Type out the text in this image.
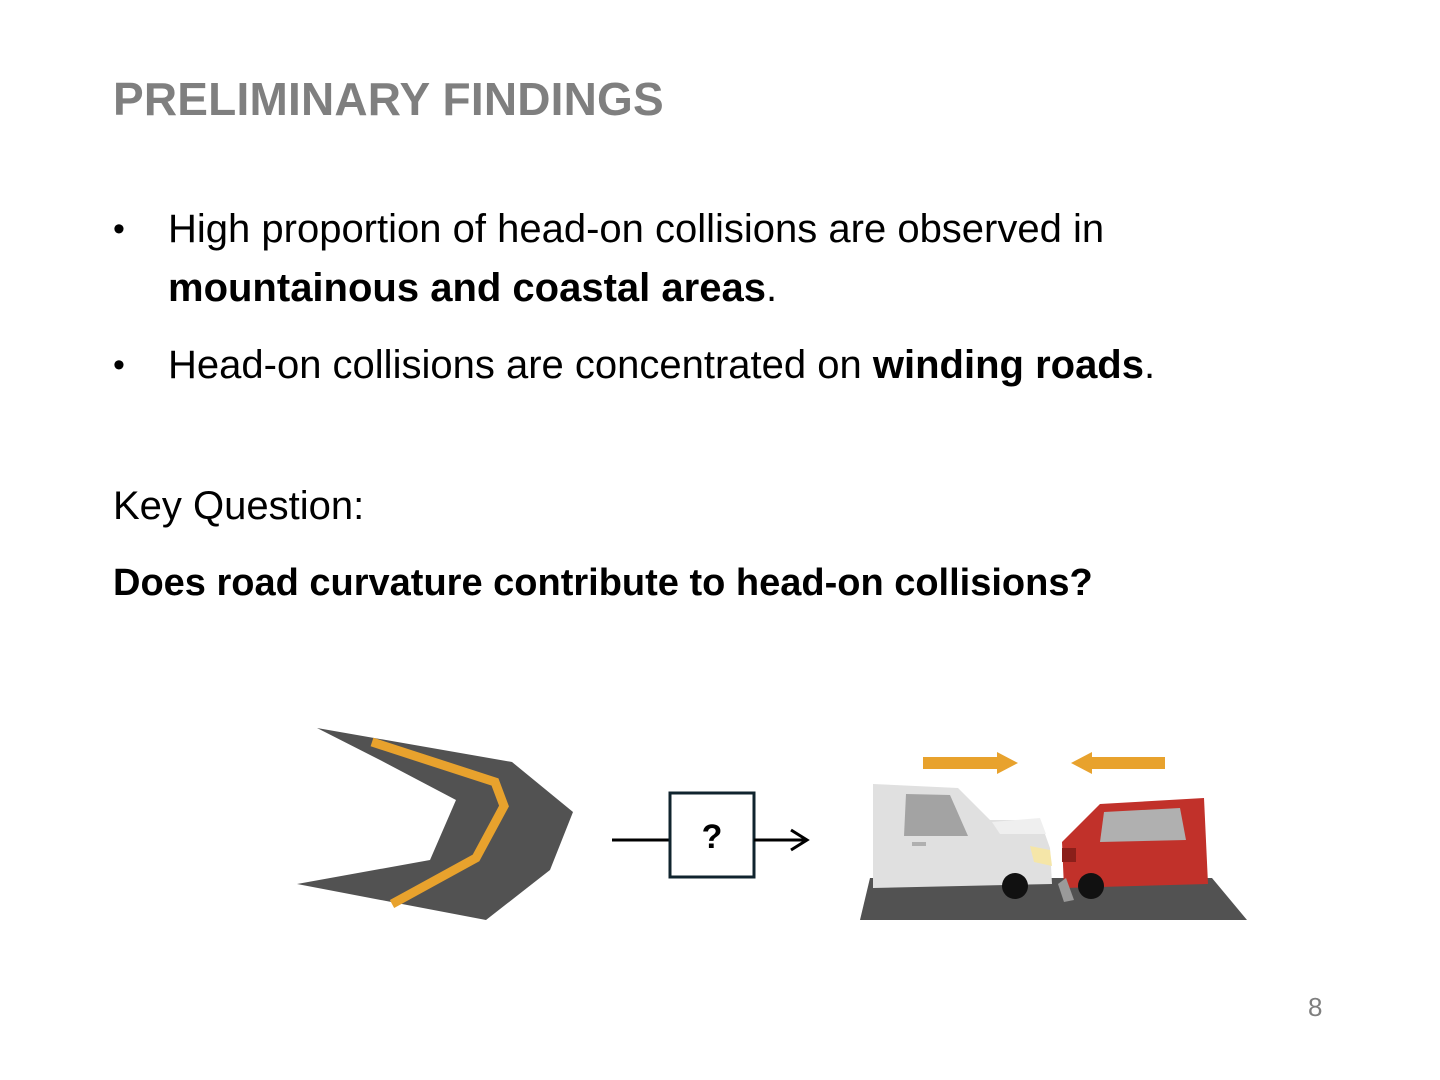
PRELIMINARY FINDINGS
• High proportion of head-on collisions are observed in mountainous and coastal areas.
• Head-on collisions are concentrated on winding roads.
Key Question:
Does road curvature contribute to head-on collisions?
?
8
